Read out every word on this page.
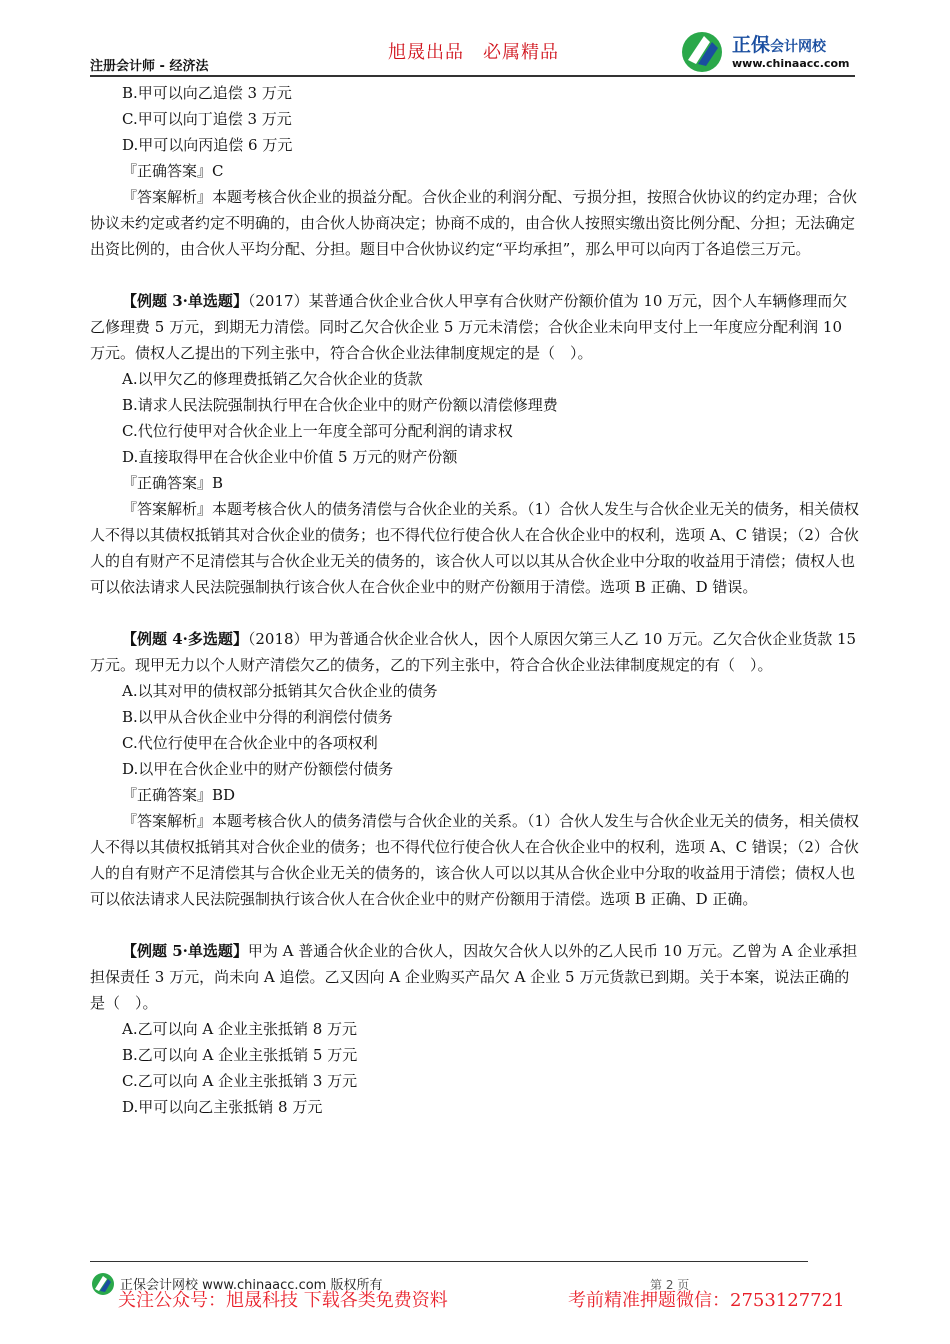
旭晟出品　必属精品
注册会计师 - 经济法
正保会计网校
www.chinaacc.com

B.甲可以向乙追偿 3 万元

C.甲可以向丁追偿 3 万元

D.甲可以向丙追偿 6 万元

『正确答案』C

『答案解析』本题考核合伙企业的损益分配。合伙企业的利润分配、亏损分担，按照合伙协议的约定办理；合伙协议未约定或者约定不明确的，由合伙人协商决定；协商不成的，由合伙人按照实缴出资比例分配、分担；无法确定出资比例的，由合伙人平均分配、分担。题目中合伙协议约定“平均承担”，那么甲可以向丙丁各追偿三万元。

【例题 3·单选题】（2017）某普通合伙企业合伙人甲享有合伙财产份额价值为 10 万元，因个人车辆修理而欠乙修理费 5 万元，到期无力清偿。同时乙欠合伙企业 5 万元未清偿；合伙企业未向甲支付上一年度应分配利润 10 万元。债权人乙提出的下列主张中，符合合伙企业法律制度规定的是（　）。

A.以甲欠乙的修理费抵销乙欠合伙企业的货款

B.请求人民法院强制执行甲在合伙企业中的财产份额以清偿修理费

C.代位行使甲对合伙企业上一年度全部可分配利润的请求权

D.直接取得甲在合伙企业中价值 5 万元的财产份额

『正确答案』B

『答案解析』本题考核合伙人的债务清偿与合伙企业的关系。（1）合伙人发生与合伙企业无关的债务，相关债权人不得以其债权抵销其对合伙企业的债务；也不得代位行使合伙人在合伙企业中的权利，选项 A、C 错误；（2）合伙人的自有财产不足清偿其与合伙企业无关的债务的，该合伙人可以以其从合伙企业中分取的收益用于清偿；债权人也可以依法请求人民法院强制执行该合伙人在合伙企业中的财产份额用于清偿。选项 B 正确、D 错误。

【例题 4·多选题】（2018）甲为普通合伙企业合伙人，因个人原因欠第三人乙 10 万元。乙欠合伙企业货款 15 万元。现甲无力以个人财产清偿欠乙的债务，乙的下列主张中，符合合伙企业法律制度规定的有（　）。

A.以其对甲的债权部分抵销其欠合伙企业的债务

B.以甲从合伙企业中分得的利润偿付债务

C.代位行使甲在合伙企业中的各项权利

D.以甲在合伙企业中的财产份额偿付债务

『正确答案』BD

『答案解析』本题考核合伙人的债务清偿与合伙企业的关系。（1）合伙人发生与合伙企业无关的债务，相关债权人不得以其债权抵销其对合伙企业的债务；也不得代位行使合伙人在合伙企业中的权利，选项 A、C 错误；（2）合伙人的自有财产不足清偿其与合伙企业无关的债务的，该合伙人可以以其从合伙企业中分取的收益用于清偿；债权人也可以依法请求人民法院强制执行该合伙人在合伙企业中的财产份额用于清偿。选项 B 正确、D 正确。

【例题 5·单选题】甲为 A 普通合伙企业的合伙人，因故欠合伙人以外的乙人民币 10 万元。乙曾为 A 企业承担担保责任 3 万元，尚未向 A 追偿。乙又因向 A 企业购买产品欠 A 企业 5 万元货款已到期。关于本案，说法正确的是（　）。

A.乙可以向 A 企业主张抵销 8 万元

B.乙可以向 A 企业主张抵销 5 万元

C.乙可以向 A 企业主张抵销 3 万元

D.甲可以向乙主张抵销 8 万元

正保会计网校 www.chinaacc.com 版权所有	第 2 页
关注公众号：旭晟科技 下载各类免费资料	考前精准押题微信：2753127721
